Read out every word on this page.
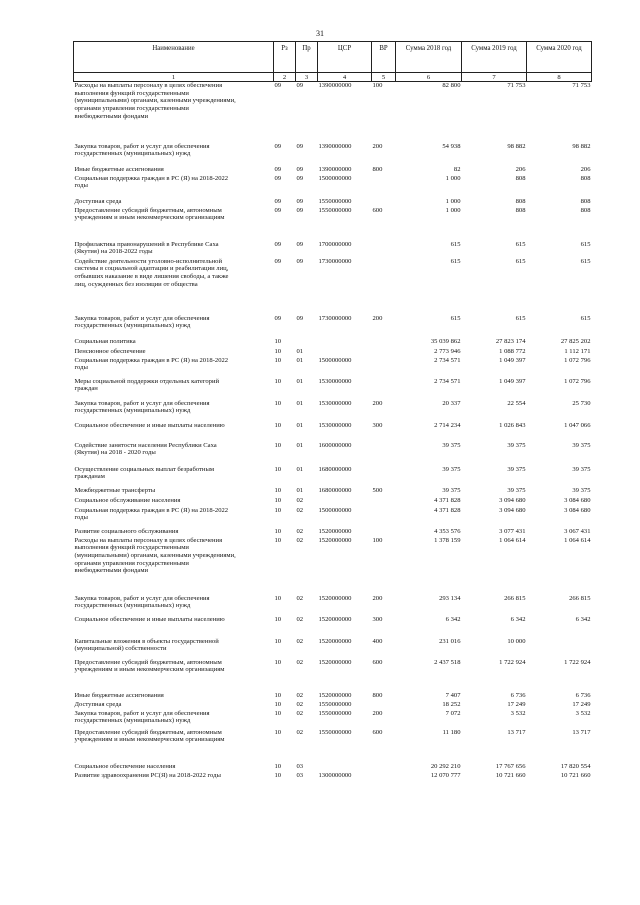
31
Наименование	Рз	Пр	ЦСР	ВР	Сумма 2018 год	Сумма 2019 год	Сумма 2020 год
1	2	3	4	5	6	7	8

Расходы на выплаты персоналу в целях обеспечения
выполнения функций государственными
(муниципальными) органами, казенными учреждениями,
органами управления государственными
внебюджетными фондами	09	09	1390000000	100	82 800	71 753	71 753

Закупка товаров, работ и услуг для обеспечения
государственных (муниципальных) нужд	09	09	1390000000	200	54 938	98 882	98 882

Иные бюджетные ассигнования	09	09	1390000000	800	82	206	206

Социальная поддержка граждан в РС (Я) на 2018-2022
годы	09	09	1500000000		1 000	808	808

Доступная среда	09	09	1550000000		1 000	808	808

Предоставление субсидий бюджетным, автономным
учреждениям и иным некоммерческим организациям	09	09	1550000000	600	1 000	808	808

Профилактика правонарушений в Республике Саха
(Якутия) на 2018-2022 годы	09	09	1700000000		615	615	615

Содействие деятельности уголовно-исполнительной
системы в социальной адаптации и реабилитации лиц,
отбывших наказание в виде лишения свободы, а также
лиц, осужденных без изоляции от общества	09	09	1730000000		615	615	615

Закупка товаров, работ и услуг для обеспечения
государственных (муниципальных) нужд	09	09	1730000000	200	615	615	615

Социальная политика	10				35 039 862	27 823 174	27 825 202

Пенсионное обеспечение	10	01			2 773 946	1 088 772	1 112 171

Социальная поддержка граждан в РС (Я) на 2018-2022
годы	10	01	1500000000		2 734 571	1 049 397	1 072 796

Меры социальной поддержки отдельных категорий
граждан	10	01	1530000000		2 734 571	1 049 397	1 072 796

Закупка товаров, работ и услуг для обеспечения
государственных (муниципальных) нужд	10	01	1530000000	200	20 337	22 554	25 730

Социальное обеспечение и иные выплаты населению	10	01	1530000000	300	2 714 234	1 026 843	1 047 066

Содействие занятости населения Республики Саха
(Якутия) на 2018 - 2020 годы	10	01	1600000000		39 375	39 375	39 375

Осуществление социальных выплат безработным
гражданам	10	01	1680000000		39 375	39 375	39 375

Межбюджетные трансферты	10	01	1680000000	500	39 375	39 375	39 375

Социальное обслуживание населения	10	02			4 371 828	3 094 680	3 084 680

Социальная поддержка граждан в РС (Я) на 2018-2022
годы	10	02	1500000000		4 371 828	3 094 680	3 084 680

Развитие социального обслуживания	10	02	1520000000		4 353 576	3 077 431	3 067 431

Расходы на выплаты персоналу в целях обеспечения
выполнения функций государственными
(муниципальными) органами, казенными учреждениями,
органами управления государственными
внебюджетными фондами	10	02	1520000000	100	1 378 159	1 064 614	1 064 614

Закупка товаров, работ и услуг для обеспечения
государственных (муниципальных) нужд	10	02	1520000000	200	293 134	266 815	266 815

Социальное обеспечение и иные выплаты населению	10	02	1520000000	300	6 342	6 342	6 342

Капитальные вложения в объекты государственной
(муниципальной) собственности	10	02	1520000000	400	231 016	10 000	

Предоставление субсидий бюджетным, автономным
учреждениям и иным некоммерческим организациям	10	02	1520000000	600	2 437 518	1 722 924	1 722 924

Иные бюджетные ассигнования	10	02	1520000000	800	7 407	6 736	6 736

Доступная среда	10	02	1550000000		18 252	17 249	17 249

Закупка товаров, работ и услуг для обеспечения
государственных (муниципальных) нужд	10	02	1550000000	200	7 072	3 532	3 532

Предоставление субсидий бюджетным, автономным
учреждениям и иным некоммерческим организациям	10	02	1550000000	600	11 180	13 717	13 717

Социальное обеспечение населения	10	03			20 292 210	17 767 656	17 820 554

Развитие здравоохранения РС(Я) на 2018-2022 годы	10	03	1300000000		12 070 777	10 721 660	10 721 660
